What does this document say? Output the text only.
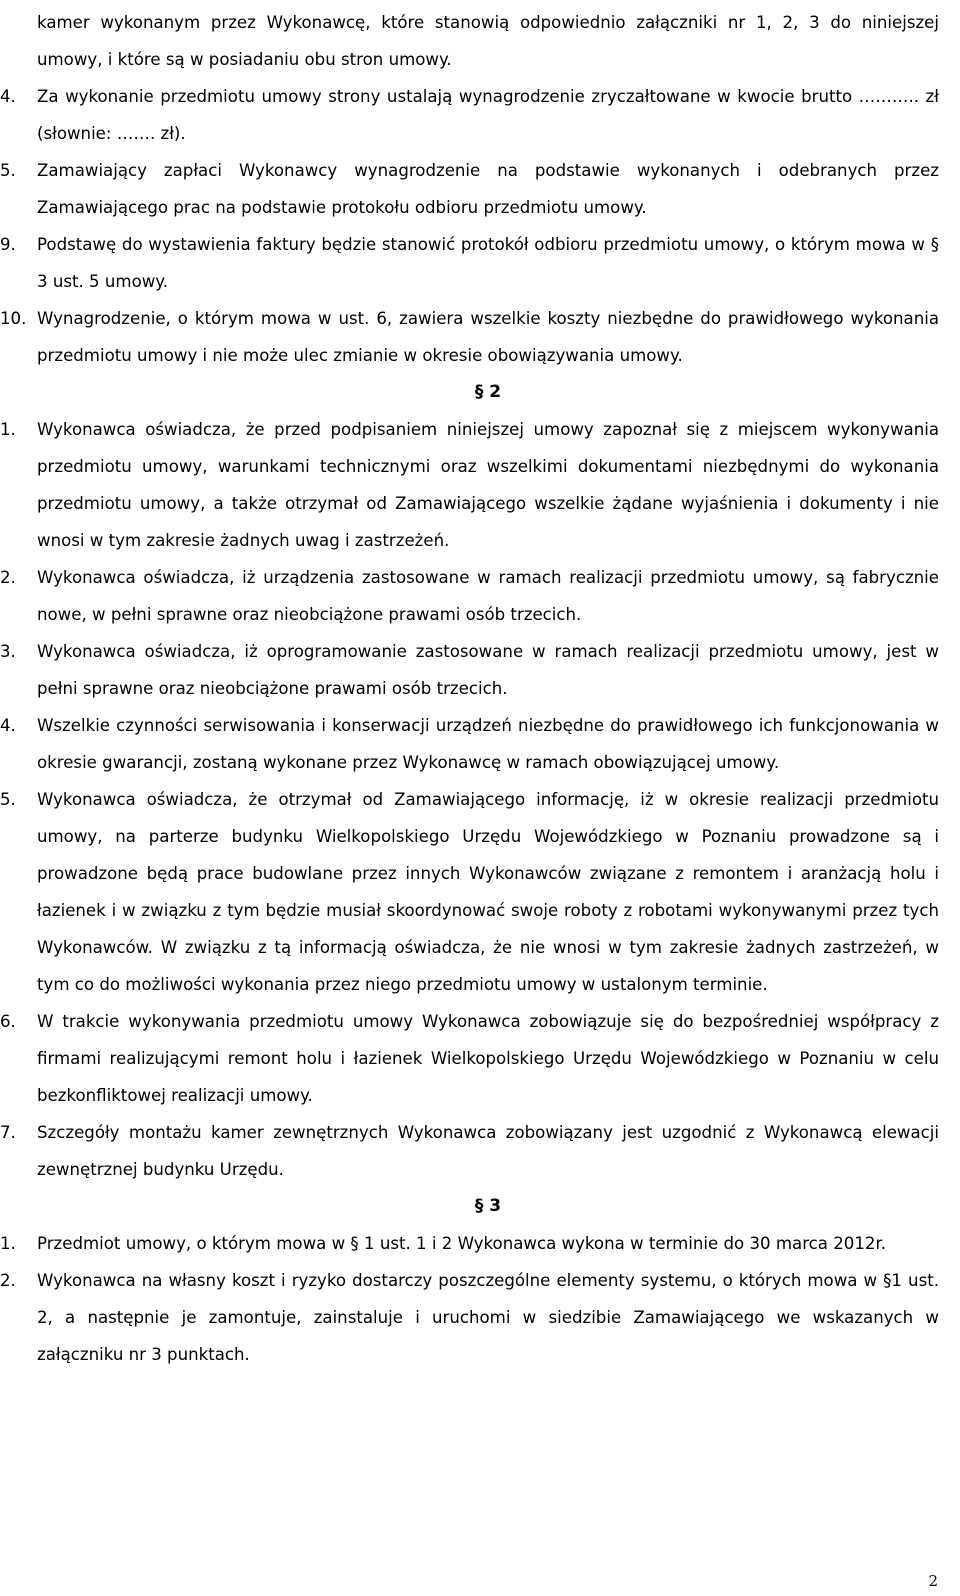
kamer wykonanym przez Wykonawcę, które stanowią odpowiednio załączniki nr 1, 2, 3 do niniejszej umowy, i które są w posiadaniu obu stron umowy.

4.	Za wykonanie przedmiotu umowy strony ustalają wynagrodzenie zryczałtowane w kwocie brutto ……….. zł (słownie: ……. zł).
5.	Zamawiający zapłaci Wykonawcy wynagrodzenie na podstawie wykonanych i odebranych przez Zamawiającego prac na podstawie protokołu odbioru przedmiotu umowy.
9.	Podstawę do wystawienia faktury będzie stanowić protokół odbioru przedmiotu umowy, o którym mowa w § 3 ust. 5 umowy.
10. Wynagrodzenie, o którym mowa w ust. 6, zawiera wszelkie koszty niezbędne do prawidłowego wykonania przedmiotu umowy i nie może ulec zmianie w okresie obowiązywania umowy.

§ 2

1.	Wykonawca oświadcza, że przed podpisaniem niniejszej umowy zapoznał się z miejscem wykonywania przedmiotu umowy, warunkami technicznymi oraz wszelkimi dokumentami niezbędnymi do wykonania przedmiotu umowy, a także otrzymał od Zamawiającego wszelkie żądane wyjaśnienia i dokumenty i nie wnosi w tym zakresie żadnych uwag i zastrzeżeń.
2.	Wykonawca oświadcza, iż urządzenia zastosowane w ramach realizacji przedmiotu umowy, są fabrycznie nowe, w pełni sprawne oraz nieobciążone prawami osób trzecich.
3.	Wykonawca oświadcza, iż oprogramowanie zastosowane w ramach realizacji przedmiotu umowy, jest w pełni sprawne oraz nieobciążone prawami osób trzecich.
4.	Wszelkie czynności serwisowania i konserwacji urządzeń niezbędne do prawidłowego ich funkcjonowania w okresie gwarancji, zostaną wykonane przez Wykonawcę w ramach obowiązującej umowy.
5.	Wykonawca oświadcza, że otrzymał od Zamawiającego informację, iż w okresie realizacji przedmiotu umowy, na parterze budynku Wielkopolskiego Urzędu Wojewódzkiego w Poznaniu prowadzone są i prowadzone będą prace budowlane przez innych Wykonawców związane z remontem i aranżacją holu i łazienek i w związku z tym będzie musiał skoordynować swoje roboty z robotami wykonywanymi przez tych Wykonawców. W związku z tą informacją oświadcza, że nie wnosi w tym zakresie żadnych zastrzeżeń, w tym co do możliwości wykonania przez niego przedmiotu umowy w ustalonym terminie.
6.	W trakcie wykonywania przedmiotu umowy Wykonawca zobowiązuje się do bezpośredniej współpracy z firmami realizującymi remont holu i łazienek Wielkopolskiego Urzędu Wojewódzkiego w Poznaniu w celu bezkonfliktowej realizacji umowy.
7.	Szczegóły montażu kamer zewnętrznych Wykonawca zobowiązany jest uzgodnić z Wykonawcą elewacji zewnętrznej budynku Urzędu.

§ 3

1.	Przedmiot umowy, o którym mowa w § 1 ust. 1 i 2 Wykonawca wykona w terminie do 30 marca 2012r.
2.	Wykonawca na własny koszt i ryzyko dostarczy poszczególne elementy systemu, o których mowa w §1 ust. 2, a następnie je zamontuje, zainstaluje i uruchomi w siedzibie Zamawiającego we wskazanych w załączniku nr 3 punktach.
2
